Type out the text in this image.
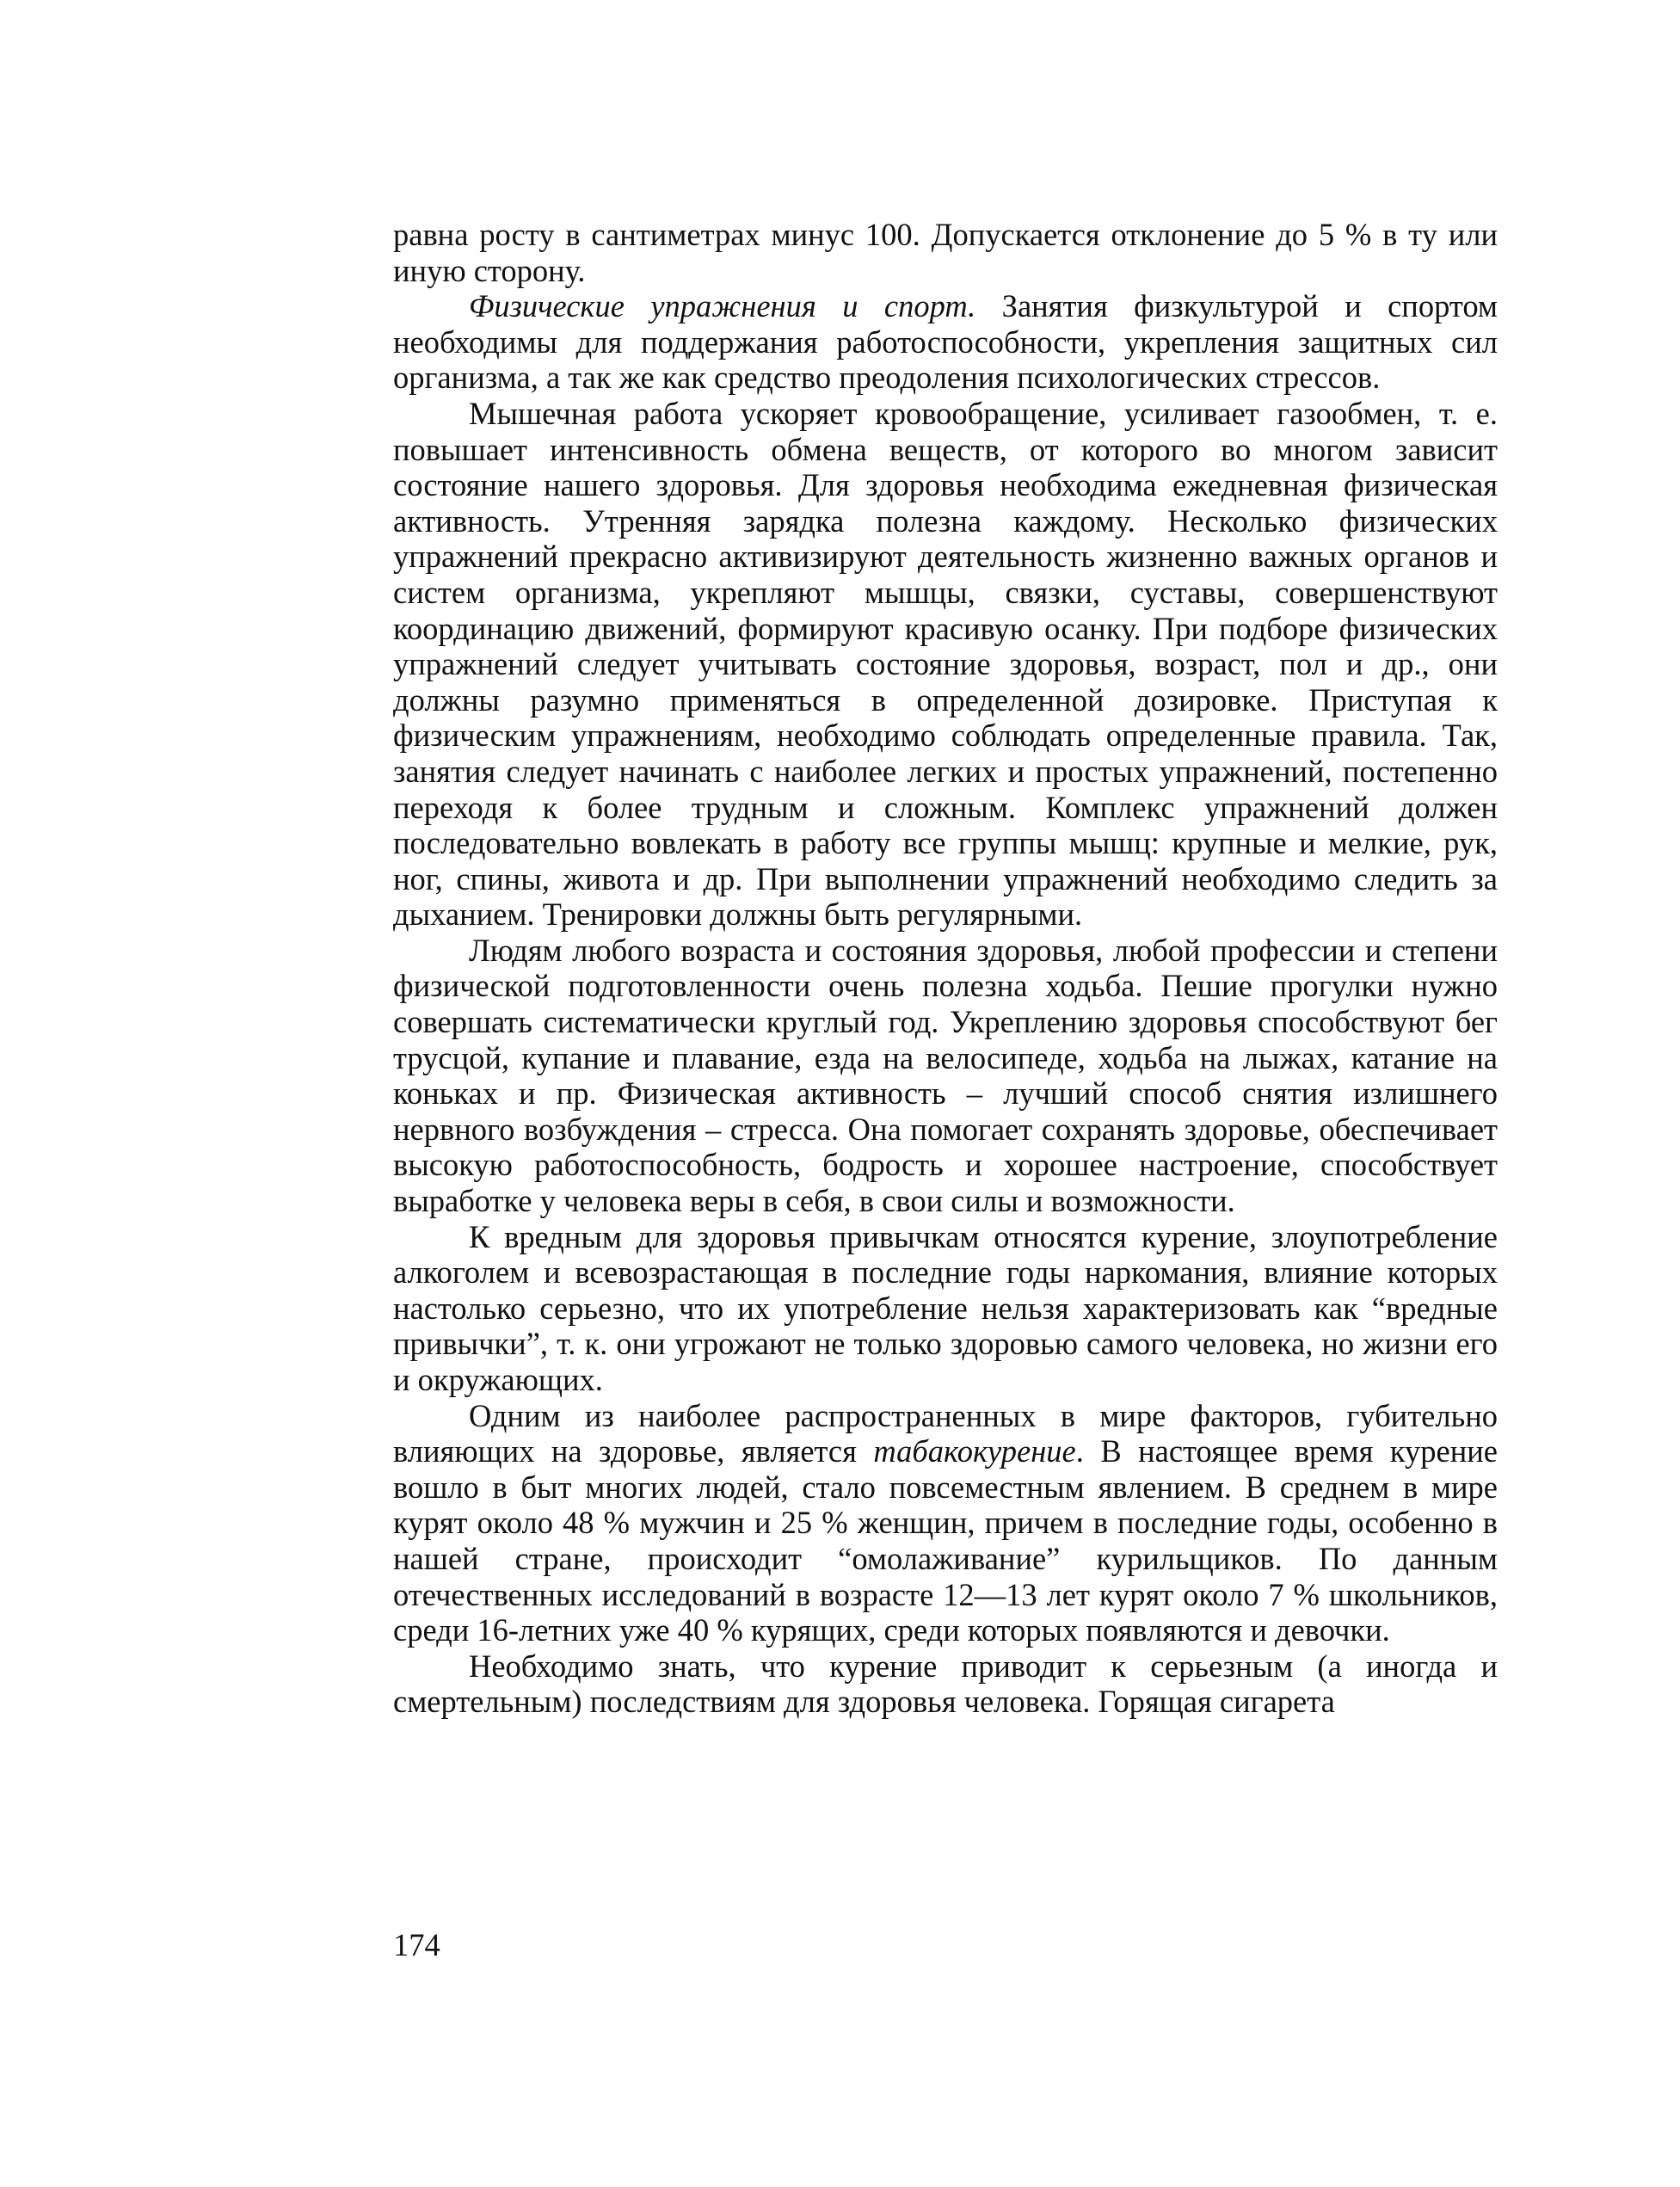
равна росту в сантиметрах минус 100. Допускается отклонение до 5 % в ту или иную сторону.

Физические упражнения и спорт. Занятия физкультурой и спортом необходимы для поддержания работоспособности, укрепления защитных сил организма, а так же как средство преодоления психологических стрессов.

Мышечная работа ускоряет кровообращение, усиливает газообмен, т. е. повышает интенсивность обмена веществ, от которого во многом зависит состояние нашего здоровья. Для здоровья необходима ежедневная физическая активность. Утренняя зарядка полезна каждому. Несколько физических упражнений прекрасно активизируют деятельность жизненно важных органов и систем организма, укрепляют мышцы, связки, суставы, совершенствуют координацию движений, формируют красивую осанку. При подборе физических упражнений следует учитывать состояние здоровья, возраст, пол и др., они должны разумно применяться в определенной дозировке. Приступая к физическим упражнениям, необходимо соблюдать определенные правила. Так, занятия следует начинать с наиболее легких и простых упражнений, постепенно переходя к более трудным и сложным. Комплекс упражнений должен последовательно вовлекать в работу все группы мышц: крупные и мелкие, рук, ног, спины, живота и др. При выполнении упражнений необходимо следить за дыханием. Тренировки должны быть регулярными.

Людям любого возраста и состояния здоровья, любой профессии и степени физической подготовленности очень полезна ходьба. Пешие прогулки нужно совершать систематически круглый год. Укреплению здоровья способствуют бег трусцой, купание и плавание, езда на велосипеде, ходьба на лыжах, катание на коньках и пр. Физическая активность – лучший способ снятия излишнего нервного возбуждения – стресса. Она помогает сохранять здоровье, обеспечивает высокую работоспособность, бодрость и хорошее настроение, способствует выработке у человека веры в себя, в свои силы и возможности.

К вредным для здоровья привычкам относятся курение, злоупотребление алкоголем и всевозрастающая в последние годы наркомания, влияние которых настолько серьезно, что их употребление нельзя характеризовать как “вредные привычки”, т. к. они угрожают не только здоровью самого человека, но жизни его и окружающих.

Одним из наиболее распространенных в мире факторов, губительно влияющих на здоровье, является табакокурение. В настоящее время курение вошло в быт многих людей, стало повсеместным явлением. В среднем в мире курят около 48 % мужчин и 25 % женщин, причем в последние годы, особенно в нашей стране, происходит “омолаживание” курильщиков. По данным отечественных исследований в возрасте 12—13 лет курят около 7 % школьников, среди 16-летних уже 40 % курящих, среди которых появляются и девочки.

Необходимо знать, что курение приводит к серьезным (а иногда и смертельным) последствиям для здоровья человека. Горящая сигарета

174
